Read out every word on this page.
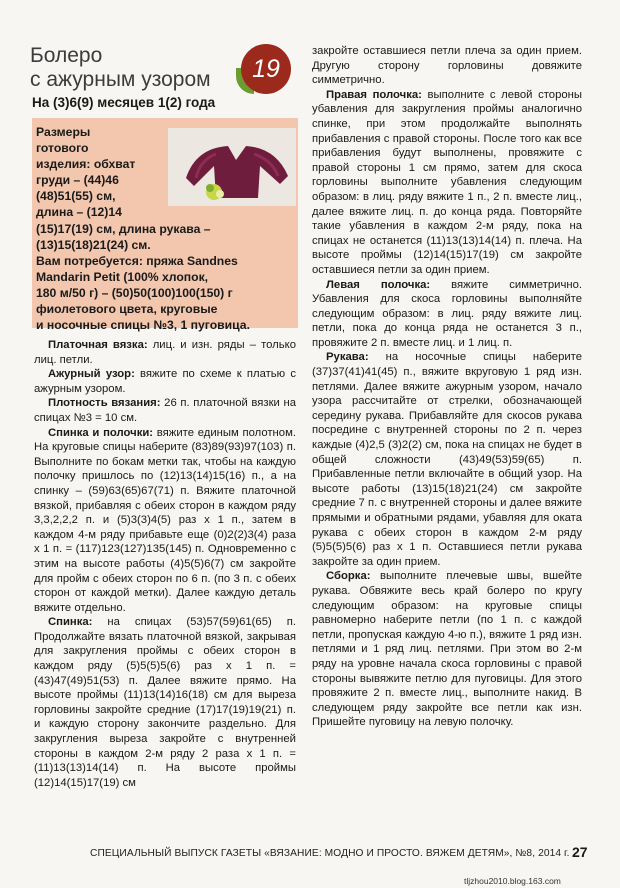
Болеро
с ажурным узором 19
На (3)6(9) месяцев 1(2) года
Размеры
готового
изделия: обхват
груди – (44)46
(48)51(55) см,
длина – (12)14
(15)17(19) см, длина рукава –
(13)15(18)21(24) см.
Вам потребуется: пряжа Sandnes
Mandarin Petit (100% хлопок,
180 м/50 г) – (50)50(100)100(150) г
фиолетового цвета, круговые
и носочные спицы №3, 1 пуговица.

Платочная вязка: лиц. и изн. ряды – только лиц. петли.

Ажурный узор: вяжите по схеме к платью с ажурным узором.

Плотность вязания: 26 п. платочной вязки на спицах №3 = 10 см.

Спинка и полочки: вяжите единым полотном. На круговые спицы наберите (83)89(93)97(103) п. Выполните по бокам метки так, чтобы на каждую полочку пришлось по (12)13(14)15(16) п., а на спинку – (59)63(65)67(71) п. Вяжите платочной вязкой, прибавляя с обеих сторон в каждом ряду 3,3,2,2,2 п. и (5)3(3)4(5) раз х 1 п., затем в каждом 4-м ряду прибавьте еще (0)2(2)3(4) раза х 1 п. = (117)123(127)135(145) п. Одновременно с этим на высоте работы (4)5(5)6(7) см закройте для пройм с обеих сторон по 6 п. (по 3 п. с обеих сторон от каждой метки). Далее каждую деталь вяжите отдельно.

Спинка: на спицах (53)57(59)61(65) п. Продолжайте вязать платочной вязкой, закрывая для закругления проймы с обеих сторон в каждом ряду (5)5(5)5(6) раз х 1 п. = (43)47(49)51(53) п. Далее вяжите прямо. На высоте проймы (11)13(14)16(18) см для выреза горловины закройте средние (17)17(19)19(21) п. и каждую сторону закончите раздельно. Для закругления выреза закройте с внутренней стороны в каждом 2-м ряду 2 раза х 1 п. = (11)13(13)14(14) п. На высоте проймы (12)14(15)17(19) см

закройте оставшиеся петли плеча за один прием. Другую сторону горловины довяжите симметрично.

Правая полочка: выполните с левой стороны убавления для закругления проймы аналогично спинке, при этом продолжайте выполнять прибавления с правой стороны. После того как все прибавления будут выполнены, провяжите с правой стороны 1 см прямо, затем для скоса горловины выполните убавления следующим образом: в лиц. ряду вяжите 1 п., 2 п. вместе лиц., далее вяжите лиц. п. до конца ряда. Повторяйте такие убавления в каждом 2-м ряду, пока на спицах не останется (11)13(13)14(14) п. плеча. На высоте проймы (12)14(15)17(19) см закройте оставшиеся петли за один прием.

Левая полочка: вяжите симметрично. Убавления для скоса горловины выполняйте следующим образом: в лиц. ряду вяжите лиц. петли, пока до конца ряда не останется 3 п., провяжите 2 п. вместе лиц. и 1 лиц. п.

Рукава: на носочные спицы наберите (37)37(41)41(45) п., вяжите вкруговую 1 ряд изн. петлями. Далее вяжите ажурным узором, начало узора рассчитайте от стрелки, обозначающей середину рукава. Прибавляйте для скосов рукава посредине с внутренней стороны по 2 п. через каждые (4)2,5 (3)2(2) см, пока на спицах не будет в общей сложности (43)49(53)59(65) п. Прибавленные петли включайте в общий узор. На высоте работы (13)15(18)21(24) см закройте средние 7 п. с внутренней стороны и далее вяжите прямыми и обратными рядами, убавляя для оката рукава с обеих сторон в каждом 2-м ряду (5)5(5)5(6) раз х 1 п. Оставшиеся петли рукава закройте за один прием.

Сборка: выполните плечевые швы, вшейте рукава. Обвяжите весь край болеро по кругу следующим образом: на круговые спицы равномерно наберите петли (по 1 п. с каждой петли, пропуская каждую 4-ю п.), вяжите 1 ряд изн. петлями и 1 ряд лиц. петлями. При этом во 2-м ряду на уровне начала скоса горловины с правой стороны вывяжите петлю для пуговицы. Для этого провяжите 2 п. вместе лиц., выполните накид. В следующем ряду закройте все петли как изн. Пришейте пуговицу на левую полочку.

СПЕЦИАЛЬНЫЙ ВЫПУСК ГАЗЕТЫ «ВЯЗАНИЕ: МОДНО И ПРОСТО. ВЯЖЕМ ДЕТЯМ», №8, 2014 г. 27
tljzhou2010.blog.163.com
